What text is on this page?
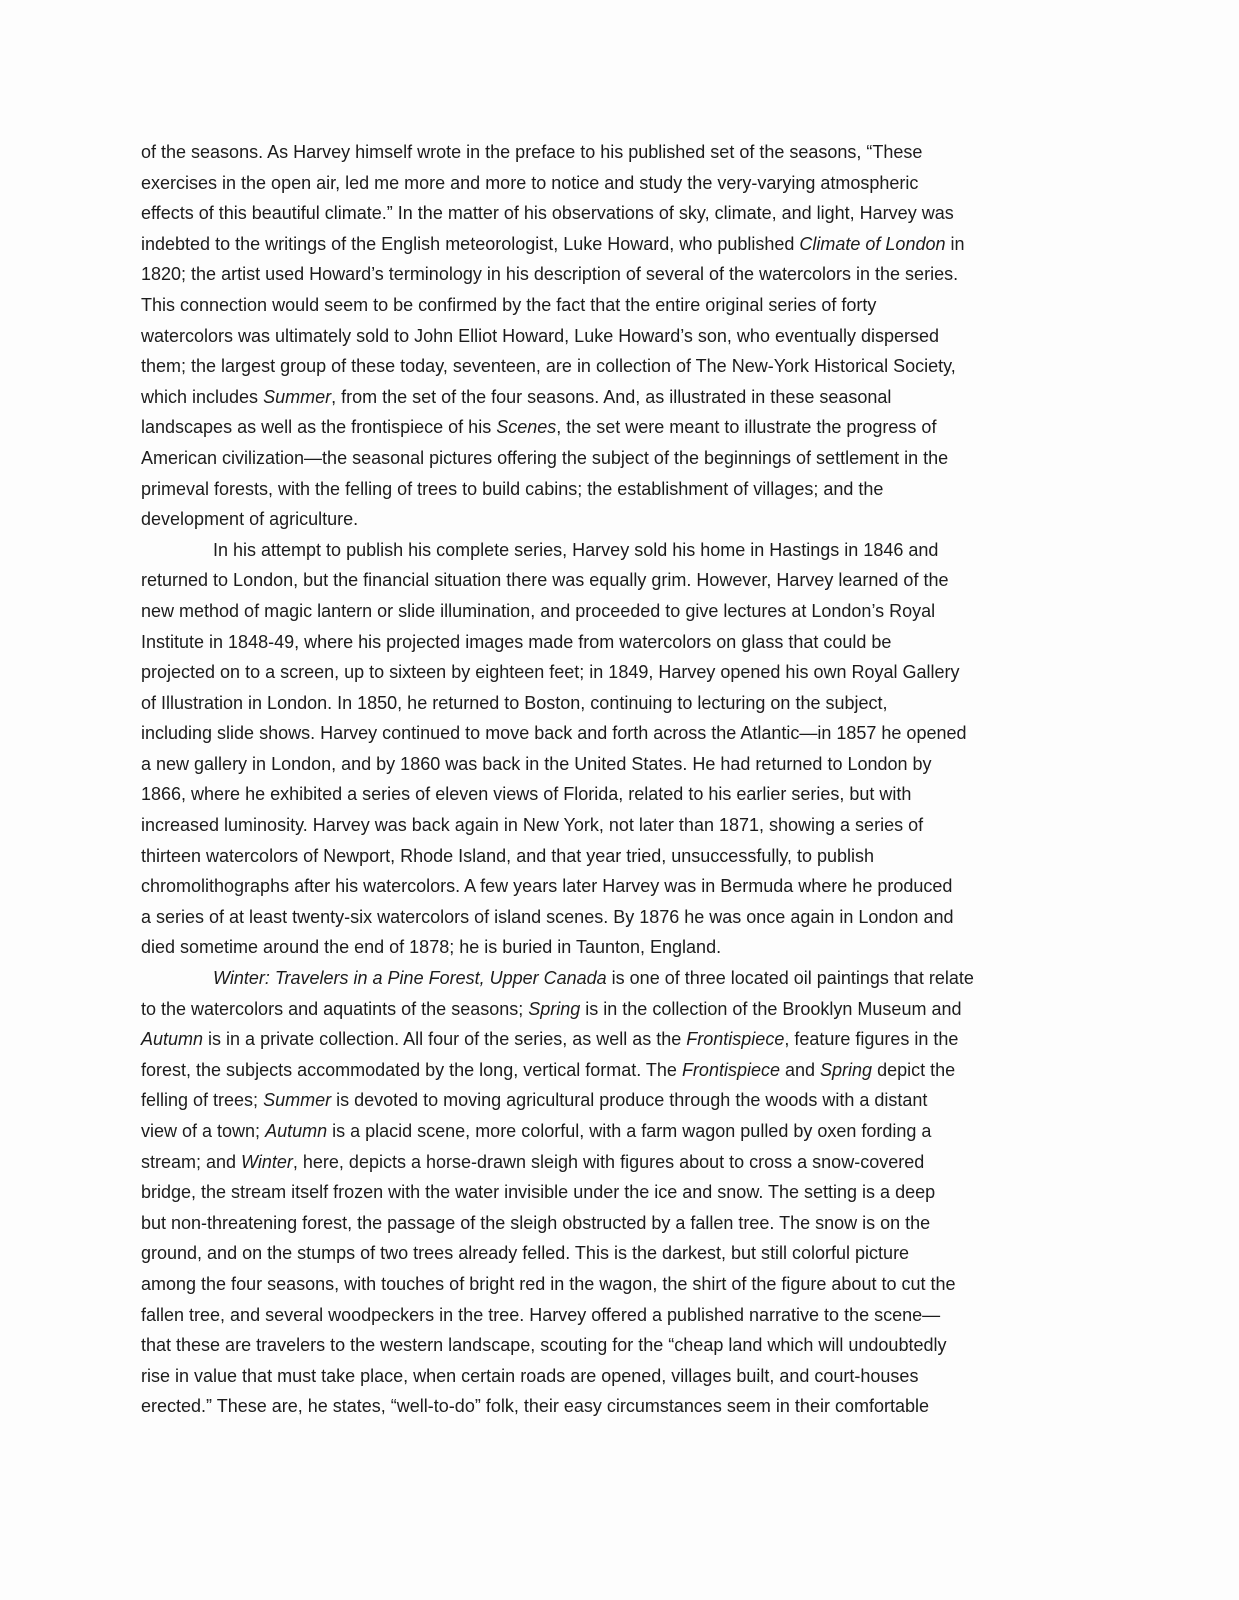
of the seasons. As Harvey himself wrote in the preface to his published set of the seasons, “These
exercises in the open air, led me more and more to notice and study the very-varying atmospheric
effects of this beautiful climate.” In the matter of his observations of sky, climate, and light, Harvey was
indebted to the writings of the English meteorologist, Luke Howard, who published Climate of London in
1820; the artist used Howard’s terminology in his description of several of the watercolors in the series.
This connection would seem to be confirmed by the fact that the entire original series of forty
watercolors was ultimately sold to John Elliot Howard, Luke Howard’s son, who eventually dispersed
them; the largest group of these today, seventeen, are in collection of The New-York Historical Society,
which includes Summer, from the set of the four seasons. And, as illustrated in these seasonal
landscapes as well as the frontispiece of his Scenes, the set were meant to illustrate the progress of
American civilization—the seasonal pictures offering the subject of the beginnings of settlement in the
primeval forests, with the felling of trees to build cabins; the establishment of villages; and the
development of agriculture.
In his attempt to publish his complete series, Harvey sold his home in Hastings in 1846 and
returned to London, but the financial situation there was equally grim. However, Harvey learned of the
new method of magic lantern or slide illumination, and proceeded to give lectures at London’s Royal
Institute in 1848-49, where his projected images made from watercolors on glass that could be
projected on to a screen, up to sixteen by eighteen feet; in 1849, Harvey opened his own Royal Gallery
of Illustration in London. In 1850, he returned to Boston, continuing to lecturing on the subject,
including slide shows. Harvey continued to move back and forth across the Atlantic—in 1857 he opened
a new gallery in London, and by 1860 was back in the United States. He had returned to London by
1866, where he exhibited a series of eleven views of Florida, related to his earlier series, but with
increased luminosity. Harvey was back again in New York, not later than 1871, showing a series of
thirteen watercolors of Newport, Rhode Island, and that year tried, unsuccessfully, to publish
chromolithographs after his watercolors. A few years later Harvey was in Bermuda where he produced
a series of at least twenty-six watercolors of island scenes. By 1876 he was once again in London and
died sometime around the end of 1878; he is buried in Taunton, England.
Winter: Travelers in a Pine Forest, Upper Canada is one of three located oil paintings that relate
to the watercolors and aquatints of the seasons; Spring is in the collection of the Brooklyn Museum and
Autumn is in a private collection. All four of the series, as well as the Frontispiece, feature figures in the
forest, the subjects accommodated by the long, vertical format. The Frontispiece and Spring depict the
felling of trees; Summer is devoted to moving agricultural produce through the woods with a distant
view of a town; Autumn is a placid scene, more colorful, with a farm wagon pulled by oxen fording a
stream; and Winter, here, depicts a horse-drawn sleigh with figures about to cross a snow-covered
bridge, the stream itself frozen with the water invisible under the ice and snow. The setting is a deep
but non-threatening forest, the passage of the sleigh obstructed by a fallen tree. The snow is on the
ground, and on the stumps of two trees already felled. This is the darkest, but still colorful picture
among the four seasons, with touches of bright red in the wagon, the shirt of the figure about to cut the
fallen tree, and several woodpeckers in the tree. Harvey offered a published narrative to the scene—
that these are travelers to the western landscape, scouting for the “cheap land which will undoubtedly
rise in value that must take place, when certain roads are opened, villages built, and court-houses
erected.” These are, he states, “well-to-do” folk, their easy circumstances seem in their comfortable
